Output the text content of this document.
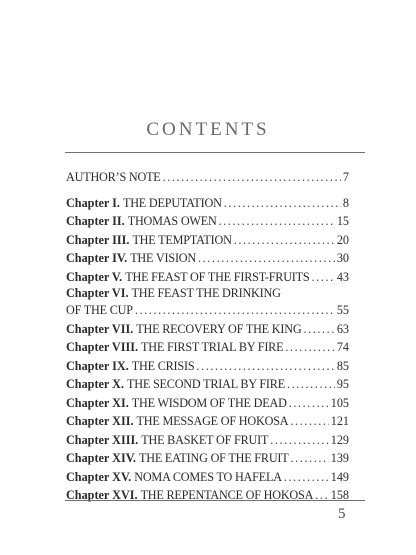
CONTENTS
AUTHOR’S NOTE .....	7
Chapter I. THE DEPUTATION .....	8
Chapter II. THOMAS OWEN .....	15
Chapter III. THE TEMPTATION .....	20
Chapter IV. THE VISION .....	30
Chapter V. THE FEAST OF THE FIRST-FRUITS ..... 43
Chapter VI. THE FEAST THE DRINKING
OF THE CUP .....	55
Chapter VII. THE RECOVERY OF THE KING .....	63
Chapter VIII. THE FIRST TRIAL BY FIRE .....	74
Chapter IX. THE CRISIS .....	85
Chapter X. THE SECOND TRIAL BY FIRE .....	95
Chapter XI. THE WISDOM OF THE DEAD .....	105
Chapter XII. THE MESSAGE OF HOKOSA .....	121
Chapter XIII. THE BASKET OF FRUIT .....	129
Chapter XIV. THE EATING OF THE FRUIT .....	139
Chapter XV. NOMA COMES TO HAFELA .....	149
Chapter XVI. THE REPENTANCE OF HOKOSA ..... 158
5
